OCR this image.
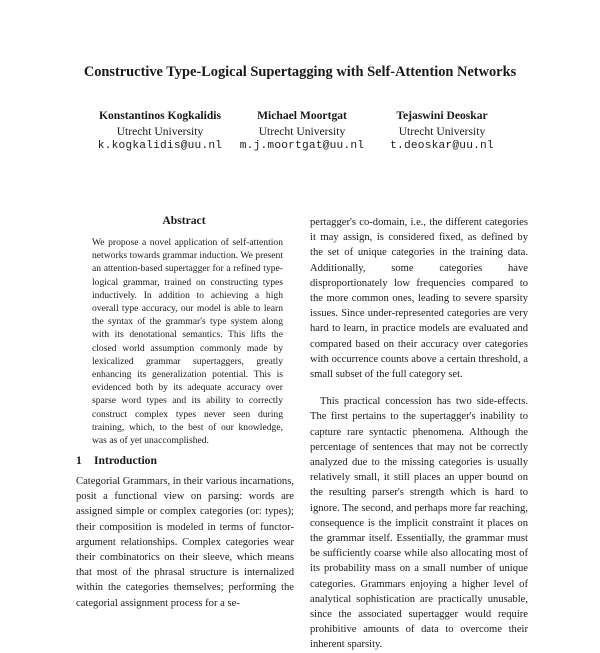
Constructive Type-Logical Supertagging with Self-Attention Networks
Konstantinos Kogkalidis
Utrecht University
k.kogkalidis@uu.nl
Michael Moortgat
Utrecht University
m.j.moortgat@uu.nl
Tejaswini Deoskar
Utrecht University
t.deoskar@uu.nl
Abstract
We propose a novel application of self-attention networks towards grammar induction. We present an attention-based supertagger for a refined type-logical grammar, trained on constructing types inductively. In addition to achieving a high overall type accuracy, our model is able to learn the syntax of the grammar's type system along with its denotational semantics. This lifts the closed world assumption commonly made by lexicalized grammar supertaggers, greatly enhancing its generalization potential. This is evidenced both by its adequate accuracy over sparse word types and its ability to correctly construct complex types never seen during training, which, to the best of our knowledge, was as of yet unaccomplished.
1 Introduction
Categorial Grammars, in their various incarnations, posit a functional view on parsing: words are assigned simple or complex categories (or: types); their composition is modeled in terms of functor-argument relationships. Complex categories wear their combinatorics on their sleeve, which means that most of the phrasal structure is internalized within the categories themselves; performing the categorial assignment process for a se-

pertagger's co-domain, i.e., the different categories it may assign, is considered fixed, as defined by the set of unique categories in the training data. Additionally, some categories have disproportionately low frequencies compared to the more common ones, leading to severe sparsity issues. Since under-represented categories are very hard to learn, in practice models are evaluated and compared based on their accuracy over categories with occurrence counts above a certain threshold, a small subset of the full category set.

This practical concession has two side-effects. The first pertains to the supertagger's inability to capture rare syntactic phenomena. Although the percentage of sentences that may not be correctly analyzed due to the missing categories is usually relatively small, it still places an upper bound on the resulting parser's strength which is hard to ignore. The second, and perhaps more far reaching, consequence is the implicit constraint it places on the grammar itself. Essentially, the grammar must be sufficiently coarse while also allocating most of its probability mass on a small number of unique categories. Grammars enjoying a higher level of analytical sophistication are practically unusable, since the associated supertagger would require prohibitive amounts of data to overcome their inherent sparsity.
